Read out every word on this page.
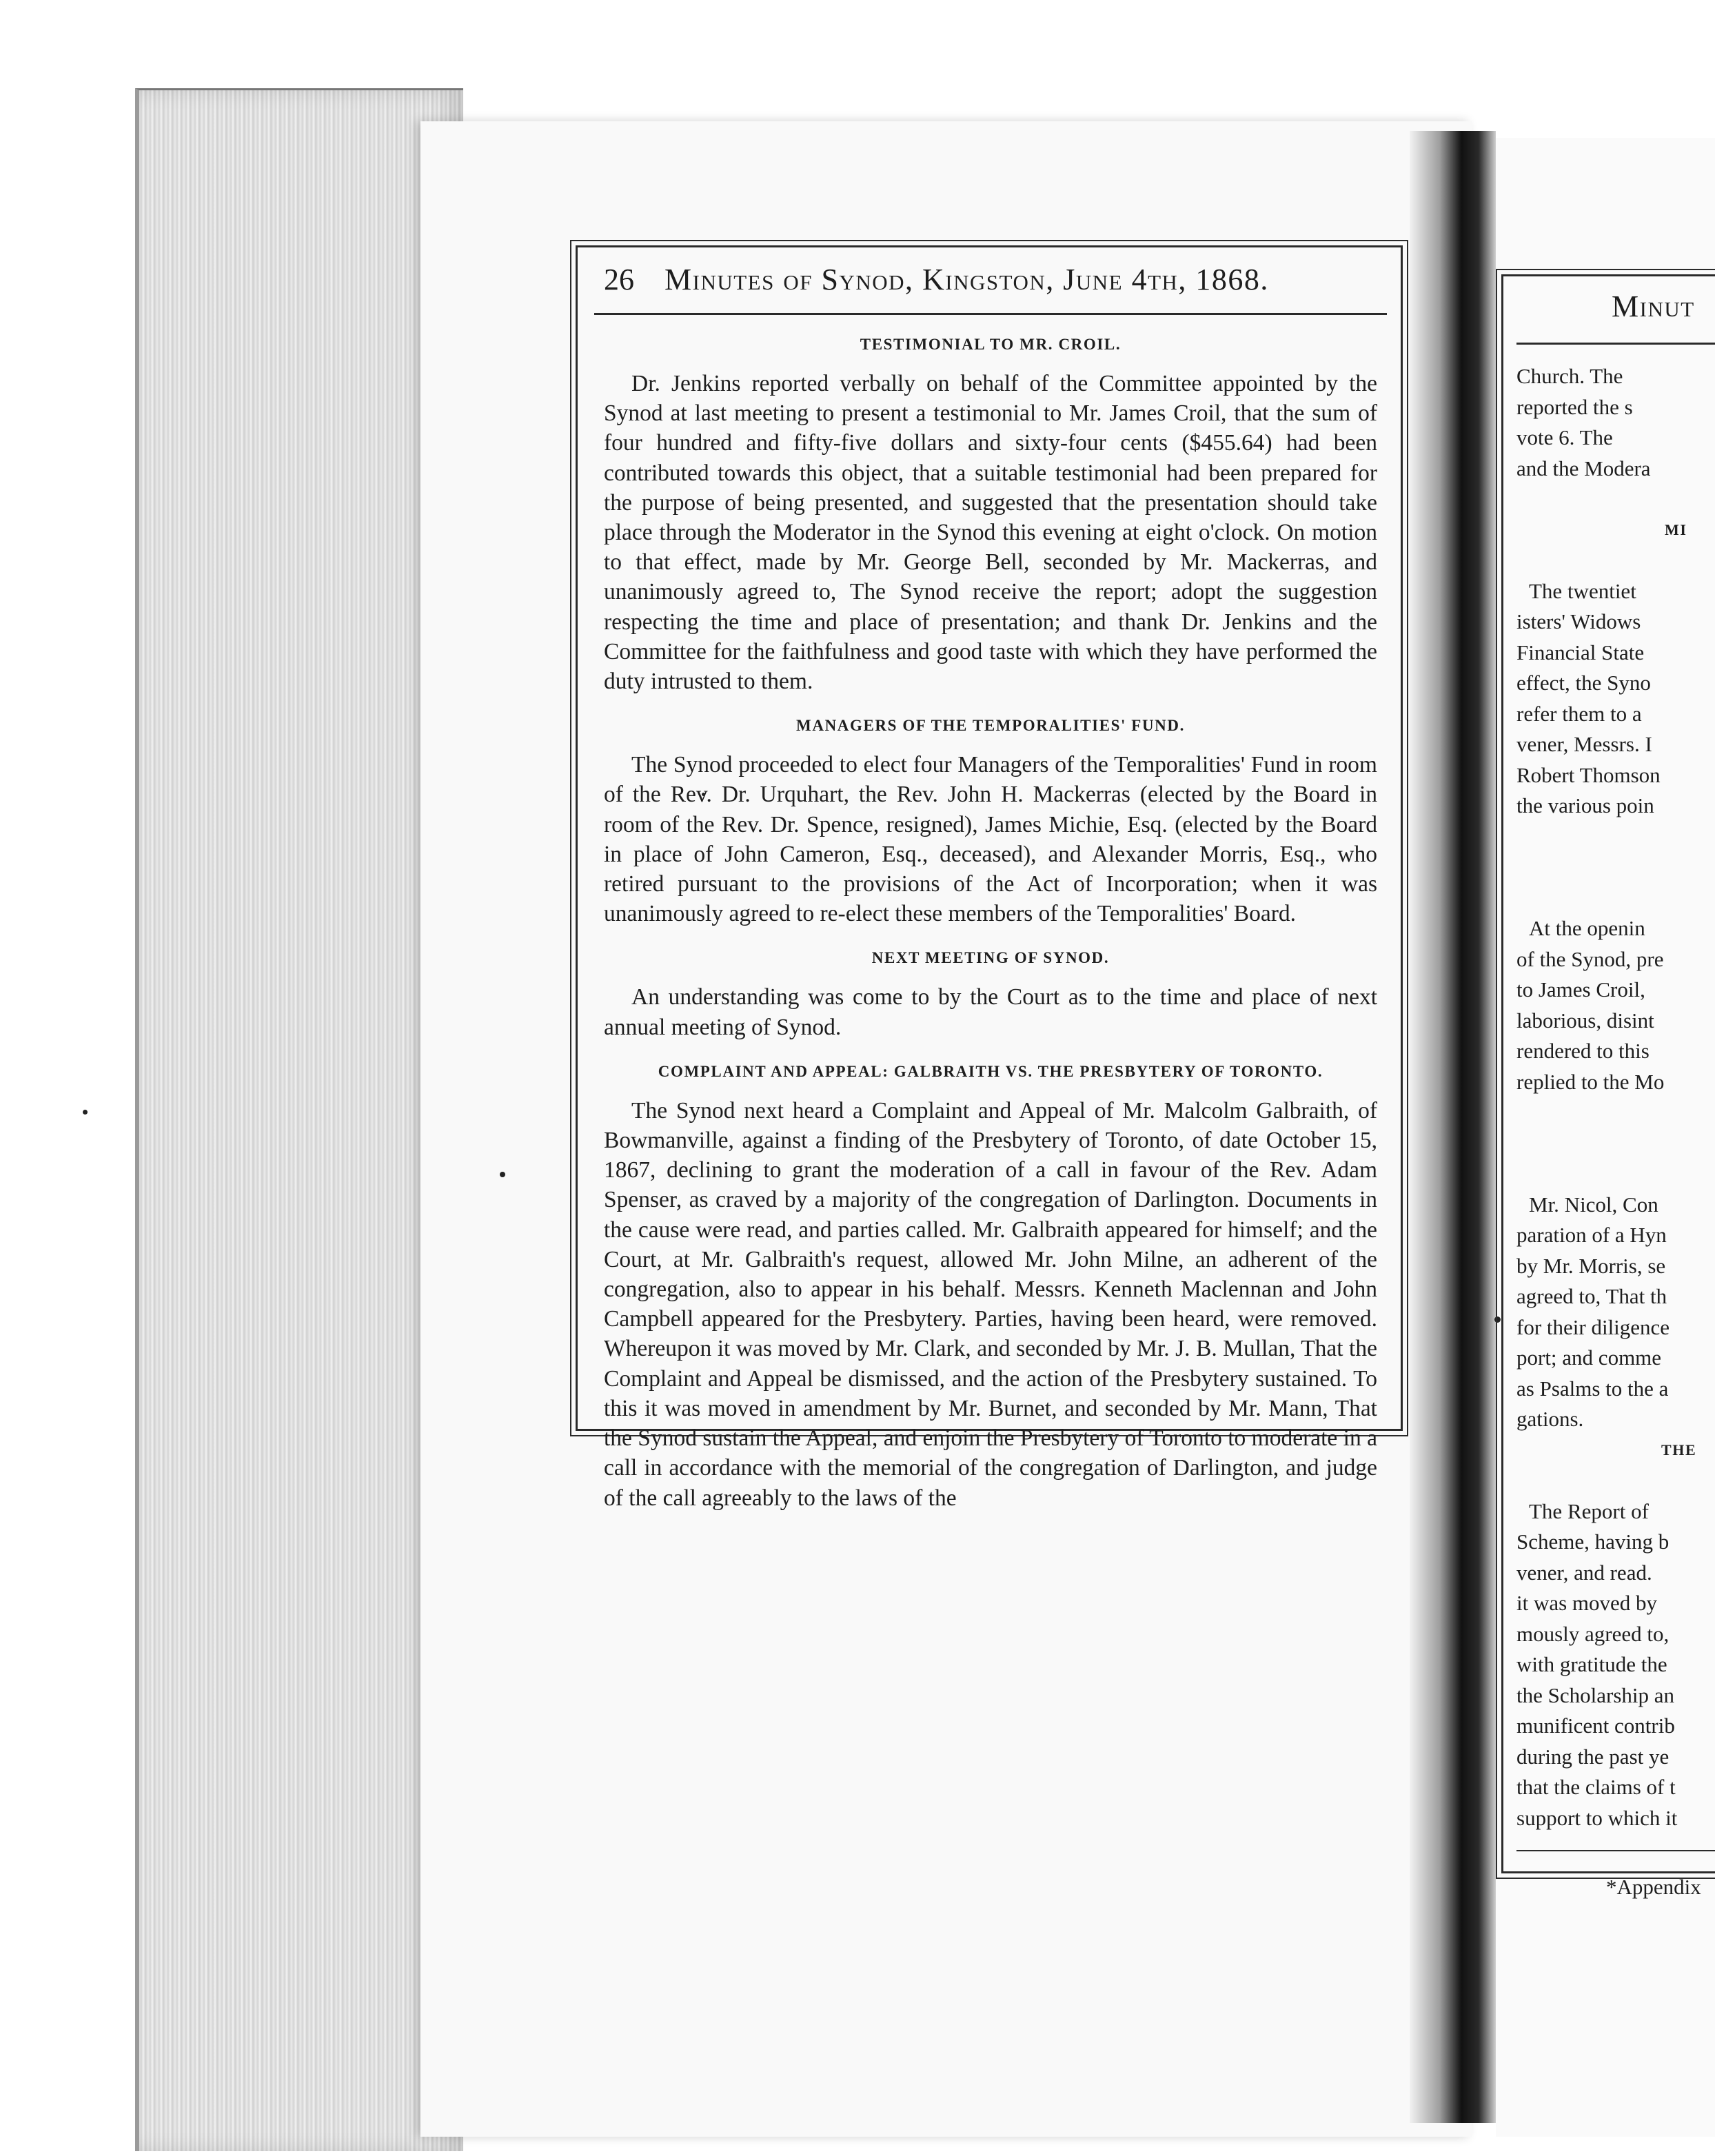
26 Minutes of Synod, Kingston, June 4th, 1868.
TESTIMONIAL TO MR. CROIL.

Dr. Jenkins reported verbally on behalf of the Committee appointed by the Synod at last meeting to present a testimonial to Mr. James Croil, that the sum of four hundred and fifty-five dollars and sixty-four cents ($455.64) had been contributed towards this object, that a suitable testimonial had been prepared for the purpose of being presented, and suggested that the presentation should take place through the Moderator in the Synod this evening at eight o'clock. On motion to that effect, made by Mr. George Bell, seconded by Mr. Mackerras, and unanimously agreed to, The Synod receive the report; adopt the suggestion respecting the time and place of presentation; and thank Dr. Jenkins and the Committee for the faithfulness and good taste with which they have performed the duty intrusted to them.

MANAGERS OF THE TEMPORALITIES' FUND.

The Synod proceeded to elect four Managers of the Temporalities' Fund in room of the Rev. Dr. Urquhart, the Rev. John H. Mackerras (elected by the Board in room of the Rev. Dr. Spence, resigned), James Michie, Esq. (elected by the Board in place of John Cameron, Esq., deceased), and Alexander Morris, Esq., who retired pursuant to the provisions of the Act of Incorporation; when it was unanimously agreed to re-elect these members of the Temporalities' Board.

NEXT MEETING OF SYNOD.

An understanding was come to by the Court as to the time and place of next annual meeting of Synod.

COMPLAINT AND APPEAL: GALBRAITH VS. THE PRESBYTERY OF TORONTO.

The Synod next heard a Complaint and Appeal of Mr. Malcolm Galbraith, of Bowmanville, against a finding of the Presbytery of Toronto, of date October 15, 1867, declining to grant the moderation of a call in favour of the Rev. Adam Spenser, as craved by a majority of the congregation of Darlington. Documents in the cause were read, and parties called. Mr. Galbraith appeared for himself; and the Court, at Mr. Galbraith's request, allowed Mr. John Milne, an adherent of the congregation, also to appear in his behalf. Messrs. Kenneth Maclennan and John Campbell appeared for the Presbytery. Parties, having been heard, were removed. Whereupon it was moved by Mr. Clark, and seconded by Mr. J. B. Mullan, That the Complaint and Appeal be dismissed, and the action of the Presbytery sustained. To this it was moved in amendment by Mr. Burnet, and seconded by Mr. Mann, That the Synod sustain the Appeal, and enjoin the Presbytery of Toronto to moderate in a call in accordance with the memorial of the congregation of Darlington, and judge of the call agreeably to the laws of the

Minut
Church. The
reported the s
vote 6. The
and the Modera
MI
The twentiet
isters' Widows
Financial State
effect, the Syno
refer them to a
vener, Messrs. I
Robert Thomson
the various poin
At the openin
of the Synod, pre
to James Croil,
laborious, disint
rendered to this
replied to the Mo
Mr. Nicol, Con
paration of a Hyn
by Mr. Morris, se
agreed to, That th
for their diligence
port; and comme
as Psalms to the a
gations.
THE
The Report of
Scheme, having b
vener, and read.
it was moved by
mously agreed to,
with gratitude the
the Scholarship an
munificent contrib
during the past ye
that the claims of t
support to which it
*Appendix
